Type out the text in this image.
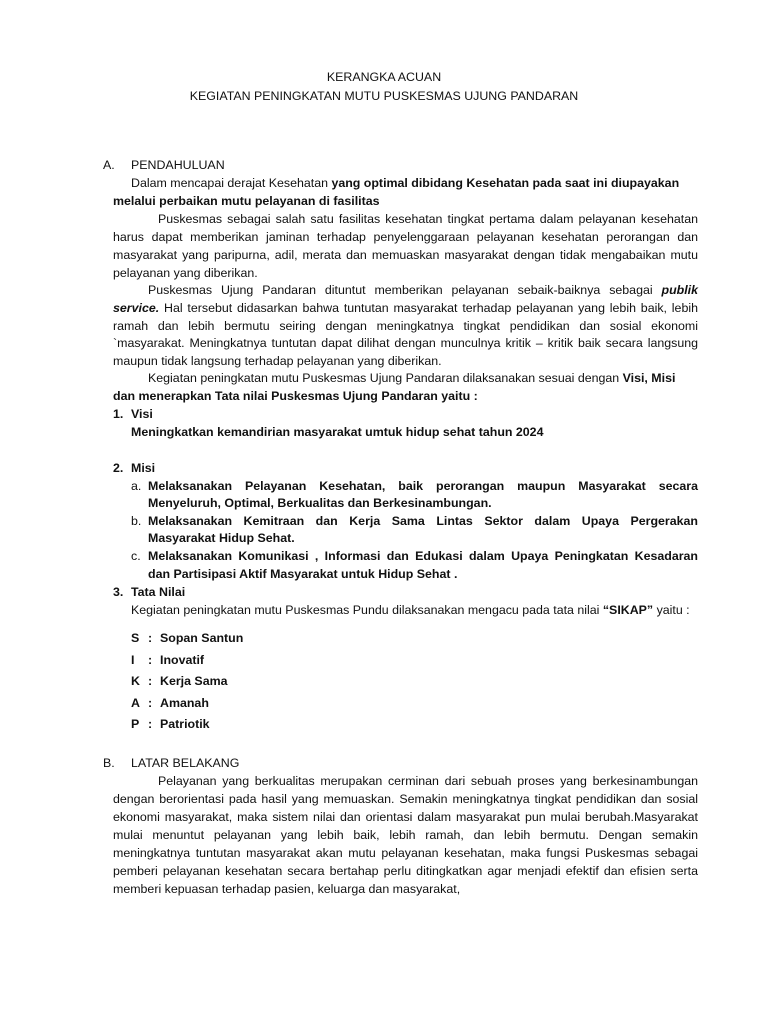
KERANGKA ACUAN
KEGIATAN PENINGKATAN MUTU PUSKESMAS UJUNG PANDARAN
A. PENDAHULUAN
Dalam mencapai derajat Kesehatan yang optimal dibidang Kesehatan pada saat ini diupayakan
melalui perbaikan mutu pelayanan di fasilitas
Puskesmas sebagai salah satu fasilitas kesehatan tingkat pertama dalam pelayanan kesehatan
harus dapat memberikan jaminan terhadap penyelenggaraan pelayanan kesehatan perorangan dan
masyarakat yang paripurna, adil, merata dan memuaskan masyarakat dengan tidak mengabaikan mutu
pelayanan yang diberikan.
Puskesmas Ujung Pandaran dituntut memberikan pelayanan sebaik-baiknya sebagai publik
service. Hal tersebut didasarkan bahwa tuntutan masyarakat terhadap pelayanan yang lebih baik, lebih
ramah dan lebih bermutu seiring dengan meningkatnya tingkat pendidikan dan sosial ekonomi
`masyarakat. Meningkatnya tuntutan dapat dilihat dengan munculnya kritik – kritik baik secara langsung
maupun tidak langsung terhadap pelayanan yang diberikan.
Kegiatan peningkatan mutu Puskesmas Ujung Pandaran dilaksanakan sesuai dengan Visi, Misi
dan menerapkan Tata nilai Puskesmas Ujung Pandaran yaitu :
1. Visi
Meningkatkan kemandirian masyarakat umtuk hidup sehat tahun 2024
2. Misi
a. Melaksanakan Pelayanan Kesehatan, baik perorangan maupun Masyarakat secara
Menyeluruh, Optimal, Berkualitas dan Berkesinambungan.
b. Melaksanakan Kemitraan dan Kerja Sama Lintas Sektor dalam Upaya Pergerakan
Masyarakat Hidup Sehat.
c. Melaksanakan Komunikasi , Informasi dan Edukasi dalam Upaya Peningkatan Kesadaran
dan Partisipasi Aktif Masyarakat untuk Hidup Sehat .
3. Tata Nilai
Kegiatan peningkatan mutu Puskesmas Pundu dilaksanakan mengacu pada tata nilai “SIKAP” yaitu :
S : Sopan Santun
I : Inovatif
K : Kerja Sama
A : Amanah
P : Patriotik
B. LATAR BELAKANG
Pelayanan yang berkualitas merupakan cerminan dari sebuah proses yang berkesinambungan
dengan berorientasi pada hasil yang memuaskan. Semakin meningkatnya tingkat pendidikan dan sosial
ekonomi masyarakat, maka sistem nilai dan orientasi dalam masyarakat pun mulai berubah.Masyarakat
mulai menuntut pelayanan yang lebih baik, lebih ramah, dan lebih bermutu. Dengan semakin
meningkatnya tuntutan masyarakat akan mutu pelayanan kesehatan, maka fungsi Puskesmas sebagai
pemberi pelayanan kesehatan secara bertahap perlu ditingkatkan agar menjadi efektif dan efisien serta
memberi kepuasan terhadap pasien, keluarga dan masyarakat,
